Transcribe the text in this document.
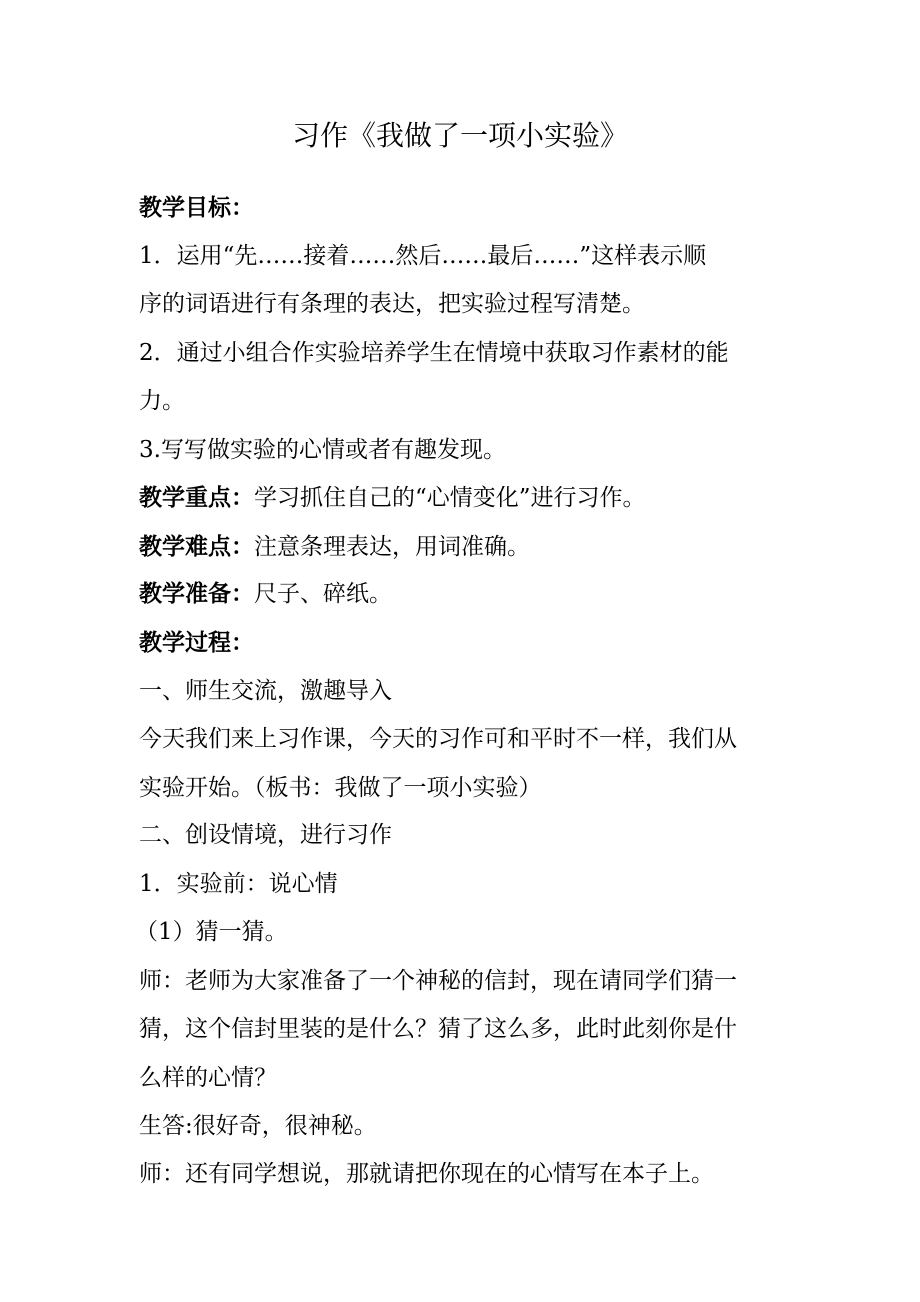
习作《我做了一项小实验》
教学目标：
1．运用“先……接着……然后……最后……”这样表示顺
序的词语进行有条理的表达，把实验过程写清楚。
2．通过小组合作实验培养学生在情境中获取习作素材的能
力。
3.写写做实验的心情或者有趣发现。
教学重点：学习抓住自己的“心情变化”进行习作。
教学难点：注意条理表达，用词准确。
教学准备：尺子、碎纸。
教学过程：
一、师生交流，激趣导入
今天我们来上习作课，今天的习作可和平时不一样，我们从
实验开始。（板书：我做了一项小实验）
二、创设情境，进行习作
1．实验前：说心情
（1）猜一猜。
师：老师为大家准备了一个神秘的信封，现在请同学们猜一
猜，这个信封里装的是什么？猜了这么多，此时此刻你是什
么样的心情？
生答:很好奇，很神秘。
师：还有同学想说，那就请把你现在的心情写在本子上。
